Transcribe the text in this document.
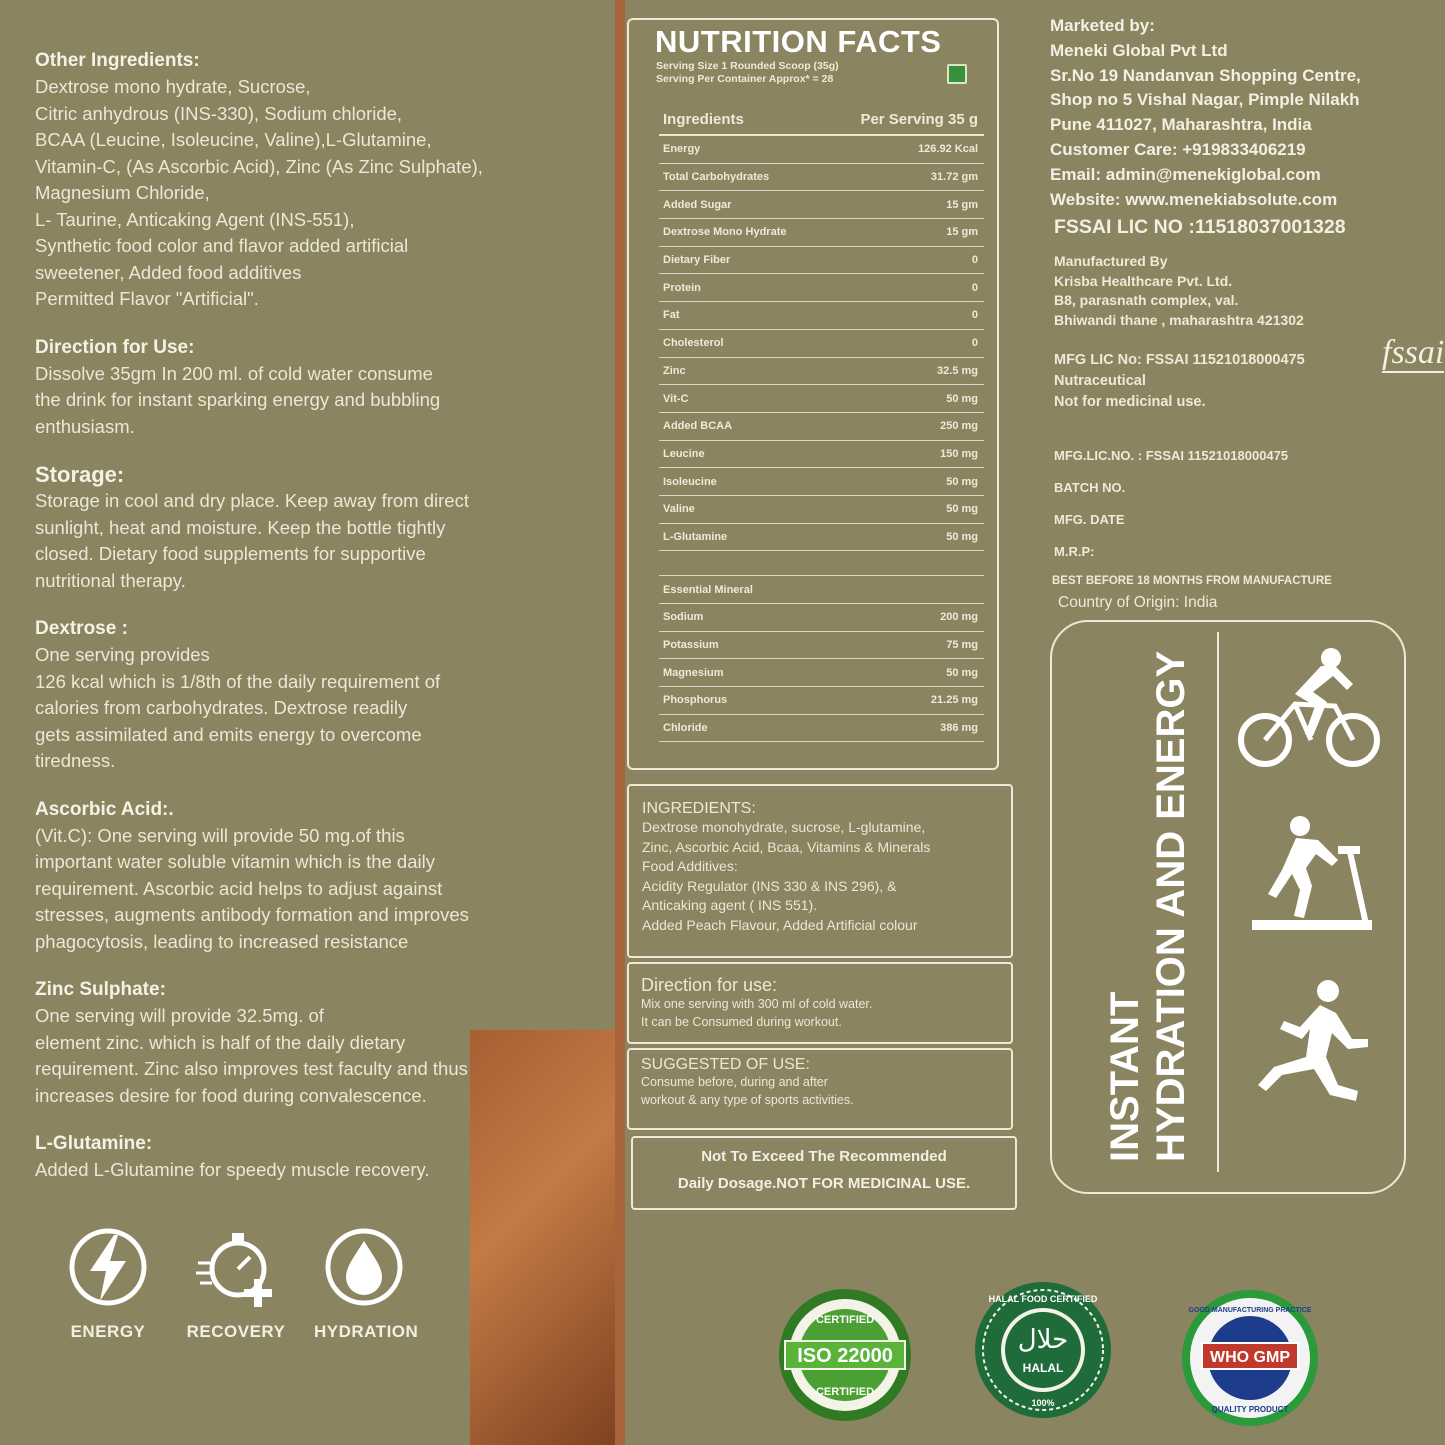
Other Ingredients:

Dextrose mono hydrate, Sucrose,
Citric anhydrous (INS-330), Sodium chloride,
BCAA (Leucine, Isoleucine, Valine),L-Glutamine,
Vitamin-C, (As Ascorbic Acid), Zinc (As Zinc Sulphate),
Magnesium Chloride,
L- Taurine, Anticaking Agent (INS-551),
Synthetic food color and flavor added artificial
sweetener, Added food additives
Permitted Flavor "Artificial".

Direction for Use:

Dissolve 35gm In 200 ml. of cold water consume
the drink for instant sparking energy and bubbling
enthusiasm.

Storage:

Storage in cool and dry place. Keep away from direct
sunlight, heat and moisture. Keep the bottle tightly
closed. Dietary food supplements for supportive
nutritional therapy.

Dextrose :

One serving provides
126 kcal which is 1/8th of the daily requirement of
calories from carbohydrates. Dextrose readily
gets assimilated and emits energy to overcome
tiredness.

Ascorbic Acid:.

(Vit.C): One serving will provide 50 mg.of this
important water soluble vitamin which is the daily
requirement. Ascorbic acid helps to adjust against
stresses, augments antibody formation and improves
phagocytosis, leading to increased resistance

Zinc Sulphate:

One serving will provide 32.5mg. of
element zinc. which is half of the daily dietary
requirement. Zinc also improves test faculty and thus
increases desire for food during convalescence.

L-Glutamine:

Added L-Glutamine for speedy muscle recovery.

ENERGY	RECOVERY HYDRATION
NUTRITION FACTS
Serving Size 1 Rounded Scoop (35g)
Serving Per Container Approx* = 28
Ingredients	Per Serving 35 g
Energy	126.92 Kcal
Total Carbohydrates	31.72 gm
Added Sugar	15 gm
Dextrose Mono Hydrate	15 gm
Dietary Fiber	0
Protein	0
Fat	0
Cholesterol	0
Zinc	32.5 mg
Vit-C	50 mg
Added BCAA	250 mg
Leucine	150 mg
Isoleucine	50 mg
Valine	50 mg
L-Glutamine	50 mg
Essential Mineral
Sodium	200 mg
Potassium	75 mg
Magnesium	50 mg
Phosphorus	21.25 mg
Chloride	386 mg
INGREDIENTS:
Dextrose monohydrate, sucrose, L-glutamine,
Zinc, Ascorbic Acid, Bcaa, Vitamins & Minerals
Food Additives:
Acidity Regulator (INS 330 & INS 296), &
Anticaking agent ( INS 551).
Added Peach Flavour, Added Artificial colour
Direction for use:
Mix one serving with 300 ml of cold water.
It can be Consumed during workout.
SUGGESTED OF USE:
Consume before, during and after
workout & any type of sports activities.
Not To Exceed The Recommended
Daily Dosage.NOT FOR MEDICINAL USE.
ISO 22000
CERTIFIED
CERTIFIED
حلال
HALAL
HALAL FOOD CERTIFIED
100%
WHO GMP
GOOD MANUFACTURING PRACTICE
QUALITY PRODUCT
Marketed by:
Meneki Global Pvt Ltd
Sr.No 19 Nandanvan Shopping Centre,
Shop no 5 Vishal Nagar, Pimple Nilakh
Pune 411027, Maharashtra, India
Customer Care: +919833406219
Email: admin@menekiglobal.com
Website: www.menekiabsolute.com
FSSAI LIC NO :11518037001328
Manufactured By
Krisba Healthcare Pvt. Ltd.
B8, parasnath complex, val.
Bhiwandi thane , maharashtra 421302
fssai
MFG LIC No: FSSAI 11521018000475
Nutraceutical
Not for medicinal use.
MFG.LIC.NO. : FSSAI 11521018000475
BATCH NO.
MFG. DATE
M.R.P:
BEST BEFORE 18 MONTHS FROM MANUFACTURE
Country of Origin: India
INSTANT HYDRATION AND ENERGY
